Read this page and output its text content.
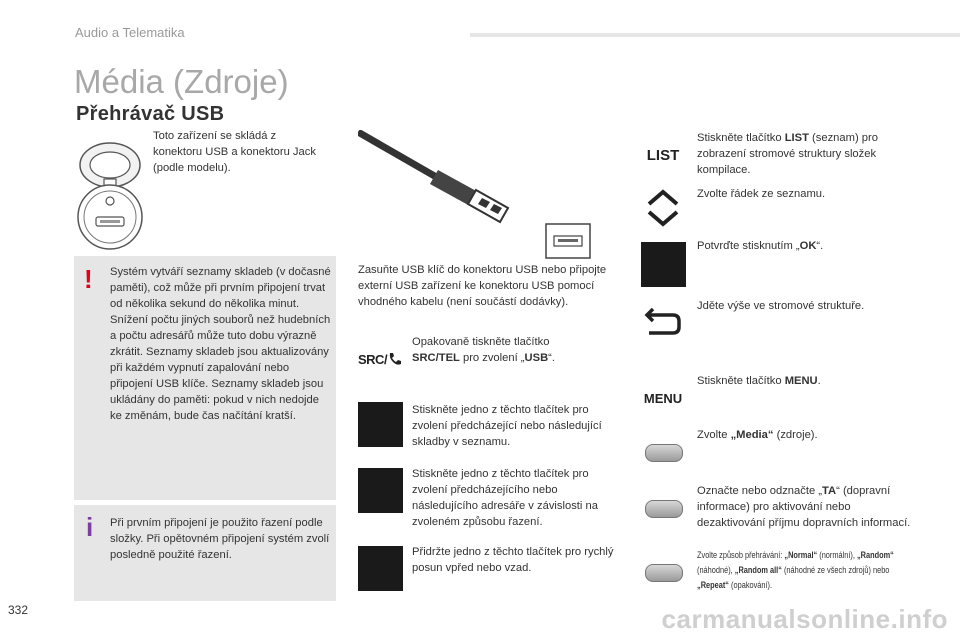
Audio a Telematika
Média (Zdroje)
Přehrávač USB
Toto zařízení se skládá z konektoru USB a konektoru Jack (podle modelu).
! Systém vytváří seznamy skladeb (v dočasné paměti), což může při prvním připojení trvat od několika sekund do několika minut. Snížení počtu jiných souborů než hudebních a počtu adresářů může tuto dobu výrazně zkrátit. Seznamy skladeb jsou aktualizovány při každém vypnutí zapalování nebo připojení USB klíče. Seznamy skladeb jsou ukládány do paměti: pokud v nich nedojde ke změnám, bude čas načítání kratší.
i Při prvním připojení je použito řazení podle složky. Při opětovném připojení systém zvolí posledně použité řazení.
Zasuňte USB klíč do konektoru USB nebo připojte externí USB zařízení ke konektoru USB pomocí vhodného kabelu (není součástí dodávky).
SRC/
Opakovaně tiskněte tlačítko
SRC/TEL pro zvolení „USB“.
Stiskněte jedno z těchto tlačítek pro zvolení předcházející nebo následující skladby v seznamu.
Stiskněte jedno z těchto tlačítek pro zvolení předcházejícího nebo následujícího adresáře v závislosti na zvoleném způsobu řazení.
Přidržte jedno z těchto tlačítek pro rychlý posun vpřed nebo vzad.
LIST
Stiskněte tlačítko LIST (seznam) pro zobrazení stromové struktury složek kompilace.
Zvolte řádek ze seznamu.
Potvrďte stisknutím „OK“.
Jděte výše ve stromové struktuře.
MENU
Stiskněte tlačítko MENU.
Zvolte „Media“ (zdroje).
Označte nebo odznačte „TA“ (dopravní informace) pro aktivování nebo dezaktivování příjmu dopravních informací.
Zvolte způsob přehrávání: „Normal“ (normální), „Random“ (náhodné), „Random all“ (náhodné ze všech zdrojů) nebo „Repeat“ (opakování).
332	carmanualsonline.info
